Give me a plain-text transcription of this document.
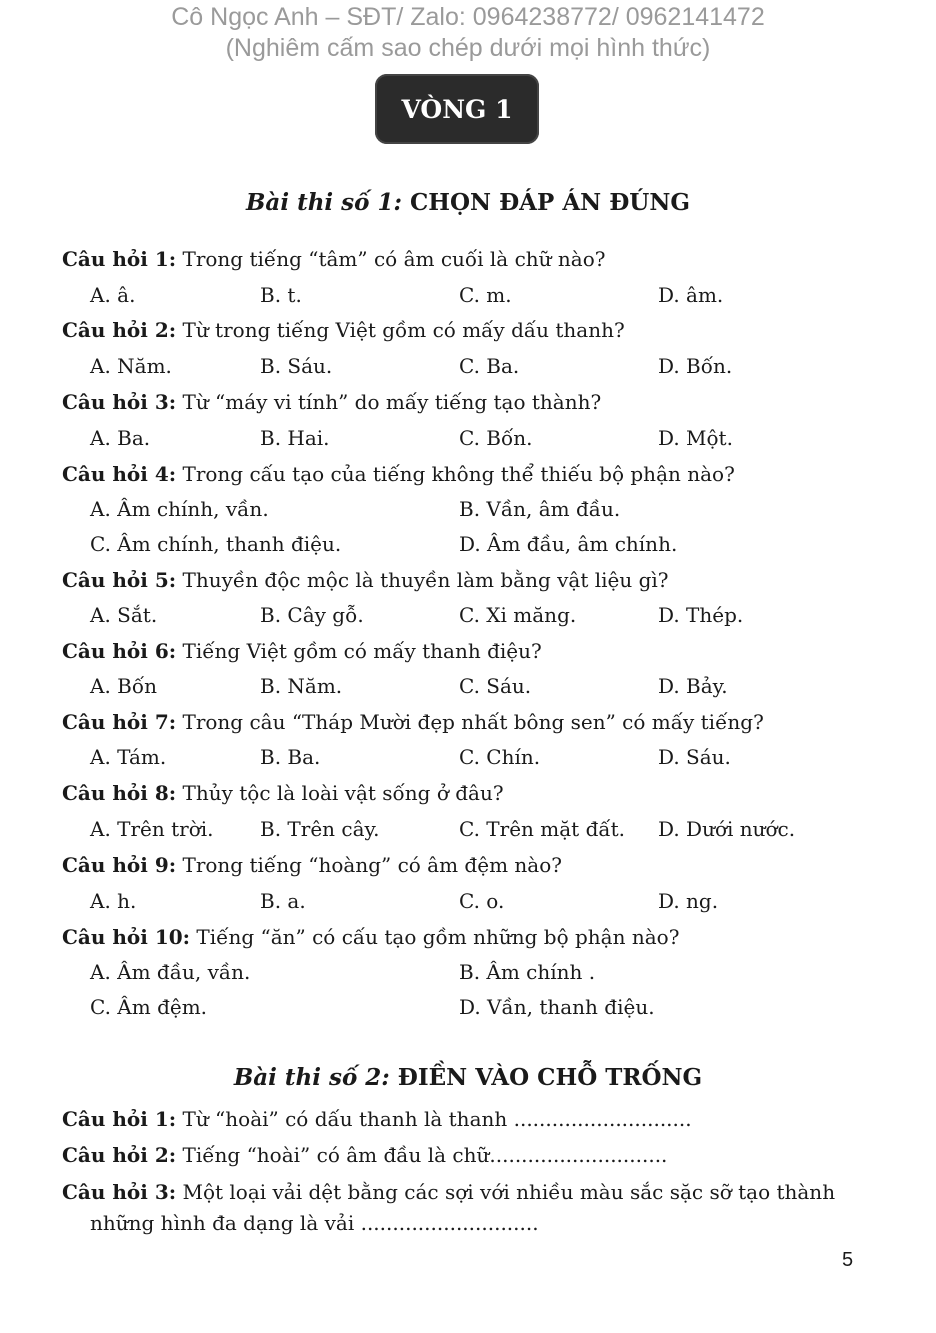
Cô Ngọc Anh – SĐT/ Zalo: 0964238772/ 0962141472
(Nghiêm cấm sao chép dưới mọi hình thức)
VÒNG 1
Bài thi số 1: CHỌN ĐÁP ÁN ĐÚNG
Câu hỏi 1: Trong tiếng “tâm” có âm cuối là chữ nào?
A. â.	B. t.	C. m.	D. âm.
Câu hỏi 2: Từ trong tiếng Việt gồm có mấy dấu thanh?
A. Năm.	B. Sáu.	C. Ba.	D. Bốn.
Câu hỏi 3: Từ “máy vi tính” do mấy tiếng tạo thành?
A. Ba.	B. Hai.	C. Bốn.	D. Một.
Câu hỏi 4: Trong cấu tạo của tiếng không thể thiếu bộ phận nào?
A. Âm chính, vần.	B. Vần, âm đầu.
C. Âm chính, thanh điệu.	D. Âm đầu, âm chính.
Câu hỏi 5: Thuyền độc mộc là thuyền làm bằng vật liệu gì?
A. Sắt.	B. Cây gỗ.	C. Xi măng.	D. Thép.
Câu hỏi 6: Tiếng Việt gồm có mấy thanh điệu?
A. Bốn	B. Năm.	C. Sáu.	D. Bảy.
Câu hỏi 7: Trong câu “Tháp Mười đẹp nhất bông sen” có mấy tiếng?
A. Tám.	B. Ba.	C. Chín.	D. Sáu.
Câu hỏi 8: Thủy tộc là loài vật sống ở đâu?
A. Trên trời. B. Trên cây.	C. Trên mặt đất. D. Dưới nước.
Câu hỏi 9: Trong tiếng “hoàng” có âm đệm nào?
A. h.	B. a.	C. o.	D. ng.
Câu hỏi 10: Tiếng “ăn” có cấu tạo gồm những bộ phận nào?
A. Âm đầu, vần.	B. Âm chính .
C. Âm đệm.	D. Vần, thanh điệu.
Bài thi số 2: ĐIỀN VÀO CHỖ TRỐNG
Câu hỏi 1: Từ “hoài” có dấu thanh là thanh ............................
Câu hỏi 2: Tiếng “hoài” có âm đầu là chữ............................
Câu hỏi 3: Một loại vải dệt bằng các sợi với nhiều màu sắc sặc sỡ tạo thành
những hình đa dạng là vải ............................
5
